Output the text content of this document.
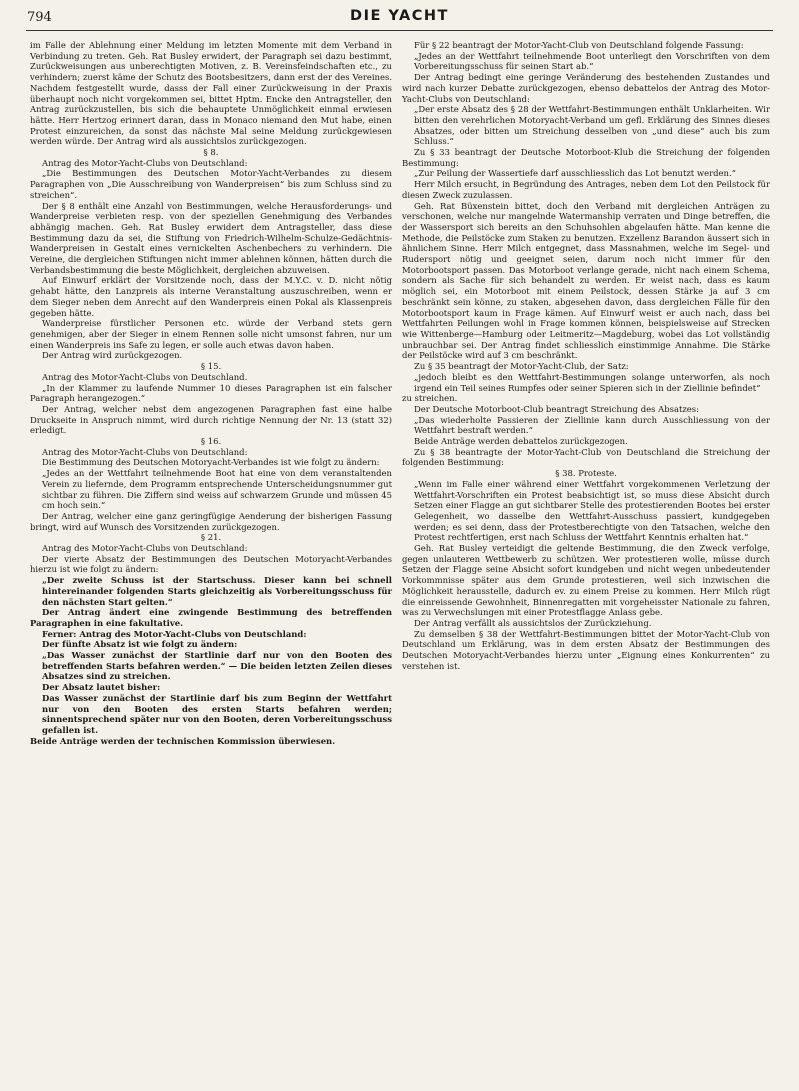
794	DIE YACHT

im Falle der Ablehnung einer Meldung im letzten Momente mit dem Verband in Verbindung zu treten. Geh. Rat Busley erwidert, der Paragraph sei dazu bestimmt, Zurückweisungen aus unberechtigten Motiven, z. B. Vereinsfeindschaften etc., zu verhindern; zuerst käme der Schutz des Bootsbesitzers, dann erst der des Vereines. Nachdem festgestellt wurde, dasss der Fall einer Zurückweisung in der Praxis überhaupt noch nicht vorgekommen sei, bittet Hptm. Encke den Antragsteller, den Antrag zurückzustellen, bis sich die behauptete Unmöglichkeit einmal erwiesen hätte. Herr Hertzog erinnert daran, dass in Monaco niemand den Mut habe, einen Protest einzureichen, da sonst das nächste Mal seine Meldung zurückgewiesen werden würde. Der Antrag wird als aussichtslos zurückgezogen.

§ 8.

Antrag des Motor-Yacht-Clubs von Deutschland:

„Die Bestimmungen des Deutschen Motor-Yacht-Verbandes zu diesem Paragraphen von „Die Ausschreibung von Wanderpreisen“ bis zum Schluss sind zu streichen“.

Der § 8 enthält eine Anzahl von Bestimmungen, welche Herausforderungs- und Wanderpreise verbieten resp. von der speziellen Genehmigung des Verbandes abhängig machen. Geh. Rat Busley erwidert dem Antragsteller, dass diese Bestimmung dazu da sei, die Stiftung von Friedrich-Wilhelm-Schulze-Gedächtnis-Wanderpreisen in Gestalt eines vernickelten Aschenbechers zu verhindern. Die Vereine, die dergleichen Stiftungen nicht immer ablehnen können, hätten durch die Verbandsbestimmung die beste Möglichkeit, dergleichen abzuweisen.

Auf Einwurf erklärt der Vorsitzende noch, dass der M.Y.C. v. D. nicht nötig gehabt hätte, den Lanzpreis als interne Veranstaltung auszuschreiben, wenn er dem Sieger neben dem Anrecht auf den Wanderpreis einen Pokal als Klassenpreis gegeben hätte.

Wanderpreise fürstlicher Personen etc. würde der Verband stets gern genehmigen, aber der Sieger in einem Rennen solle nicht umsonst fahren, nur um einen Wanderpreis ins Safe zu legen, er solle auch etwas davon haben.

Der Antrag wird zurückgezogen.

§ 15.

Antrag des Motor-Yacht-Clubs von Deutschland.

„In der Klammer zu laufende Nummer 10 dieses Paragraphen ist ein falscher Paragraph herangezogen.“

Der Antrag, welcher nebst dem angezogenen Paragraphen fast eine halbe Druckseite in Anspruch nimmt, wird durch richtige Nennung der Nr. 13 (statt 32) erledigt.

§ 16.

Antrag des Motor-Yacht-Clubs von Deutschland:

Die Bestimmung des Deutschen Motoryacht-Verbandes ist wie folgt zu ändern:

„Jedes an der Wettfahrt teilnehmende Boot hat eine von dem veranstaltenden Verein zu liefernde, dem Programm entsprechende Unterscheidungsnummer gut sichtbar zu führen. Die Ziffern sind weiss auf schwarzem Grunde und müssen 45 cm hoch sein.“

Der Antrag, welcher eine ganz geringfügige Aenderung der bisherigen Fassung bringt, wird auf Wunsch des Vorsitzenden zurückgezogen.

§ 21.

Antrag des Motor-Yacht-Clubs von Deutschland:

Der vierte Absatz der Bestimmungen des Deutschen Motoryacht-Verbandes hierzu ist wie folgt zu ändern:

„Der zweite Schuss ist der Startschuss. Dieser kann bei schnell hintereinander folgenden Starts gleichzeitig als Vorbereitungsschuss für den nächsten Start gelten.“

Der Antrag ändert eine zwingende Bestimmung des betreffenden Paragraphen in eine fakultative.

Ferner: Antrag des Motor-Yacht-Clubs von Deutschland:

Der fünfte Absatz ist wie folgt zu ändern:

„Das Wasser zunächst der Startlinie darf nur von den Booten des betreffenden Starts befahren werden.“ — Die beiden letzten Zeilen dieses Absatzes sind zu streichen.

Der Absatz lautet bisher:

Das Wasser zunächst der Startlinie darf bis zum Beginn der Wettfahrt nur von den Booten des ersten Starts befahren werden; sinnentsprechend später nur von den Booten, deren Vorbereitungsschuss gefallen ist.

Beide Anträge werden der technischen Kommission überwiesen.

Für § 22 beantragt der Motor-Yacht-Club von Deutschland folgende Fassung:

„Jedes an der Wettfahrt teilnehmende Boot unterliegt den Vorschriften von dem Vorbereitungsschuss für seinen Start ab.“

Der Antrag bedingt eine geringe Veränderung des bestehenden Zustandes und wird nach kurzer Debatte zurückgezogen, ebenso debattelos der Antrag des Motor-Yacht-Clubs von Deutschland:

„Der erste Absatz des § 28 der Wettfahrt-Bestimmungen enthält Unklarheiten. Wir bitten den verehrlichen Motoryacht-Verband um gefl. Erklärung des Sinnes dieses Absatzes, oder bitten um Streichung desselben von „und diese“ auch bis zum Schluss.“

Zu § 33 beantragt der Deutsche Motorboot-Klub die Streichung der folgenden Bestimmung:

„Zur Peilung der Wassertiefe darf ausschliesslich das Lot benutzt werden.“

Herr Milch ersucht, in Begründung des Antrages, neben dem Lot den Peilstock für diesen Zweck zuzulassen.

Geh. Rat Büxenstein bittet, doch den Verband mit dergleichen Anträgen zu verschonen, welche nur mangelnde Watermanship verraten und Dinge betreffen, die der Wassersport sich bereits an den Schuhsohlen abgelaufen hätte. Man kenne die Methode, die Peilstöcke zum Staken zu benutzen. Exzellenz Barandon äussert sich in ähnlichem Sinne. Herr Milch entgegnet, dass Massnahmen, welche im Segel- und Rudersport nötig und geeignet seien, darum noch nicht immer für den Motorbootsport passen. Das Motorboot verlange gerade, nicht nach einem Schema, sondern als Sache für sich behandelt zu werden. Er weist nach, dass es kaum möglich sei, ein Motorboot mit einem Peilstock, dessen Stärke ja auf 3 cm beschränkt sein könne, zu staken, abgesehen davon, dass dergleichen Fälle für den Motorbootsport kaum in Frage kämen. Auf Einwurf weist er auch nach, dass bei Wettfahrten Peilungen wohl in Frage kommen können, beispielsweise auf Strecken wie Wittenberge—Hamburg oder Leitmeritz—Magdeburg, wobei das Lot vollständig unbrauchbar sei. Der Antrag findet schliesslich einstimmige Annahme. Die Stärke der Peilstöcke wird auf 3 cm beschränkt.

Zu § 35 beantragt der Motor-Yacht-Club, der Satz:

„jedoch bleibt es den Wettfahrt-Bestimmungen solange unterworfen, als noch irgend ein Teil seines Rumpfes oder seiner Spieren sich in der Ziellinie befindet“

zu streichen.

Der Deutsche Motorboot-Club beantragt Streichung des Absatzes:

„Das wiederholte Passieren der Ziellinie kann durch Ausschliessung von der Wettfahrt bestraft werden.“

Beide Anträge werden debattelos zurückgezogen.

Zu § 38 beantragte der Motor-Yacht-Club von Deutschland die Streichung der folgenden Bestimmung:

§ 38. Proteste.

„Wenn im Falle einer während einer Wettfahrt vorgekommenen Verletzung der Wettfahrt-Vorschriften ein Protest beabsichtigt ist, so muss diese Absicht durch Setzen einer Flagge an gut sichtbarer Stelle des protestierenden Bootes bei erster Gelegenheit, wo dasselbe den Wettfahrt-Ausschuss passiert, kundgegeben werden; es sei denn, dass der Protestberechtigte von den Tatsachen, welche den Protest rechtfertigen, erst nach Schluss der Wettfahrt Kenntnis erhalten hat.“

Geh. Rat Busley verteidigt die geltende Bestimmung, die den Zweck verfolge, gegen unlauteren Wettbewerb zu schützen. Wer protestieren wolle, müsse durch Setzen der Flagge seine Absicht sofort kundgeben und nicht wegen unbedeutender Vorkommnisse später aus dem Grunde protestieren, weil sich inzwischen die Möglichkeit herausstelle, dadurch ev. zu einem Preise zu kommen. Herr Milch rügt die einreissende Gewohnheit, Binnenregatten mit vorgeheisster Nationale zu fahren, was zu Verwechslungen mit einer Protestflagge Anlass gebe.

Der Antrag verfällt als aussichtslos der Zurückziehung.

Zu demselben § 38 der Wettfahrt-Bestimmungen bittet der Motor-Yacht-Club von Deutschland um Erklärung, was in dem ersten Absatz der Bestimmungen des Deutschen Motoryacht-Verbandes hierzu unter „Eignung eines Konkurrenten“ zu verstehen ist.
